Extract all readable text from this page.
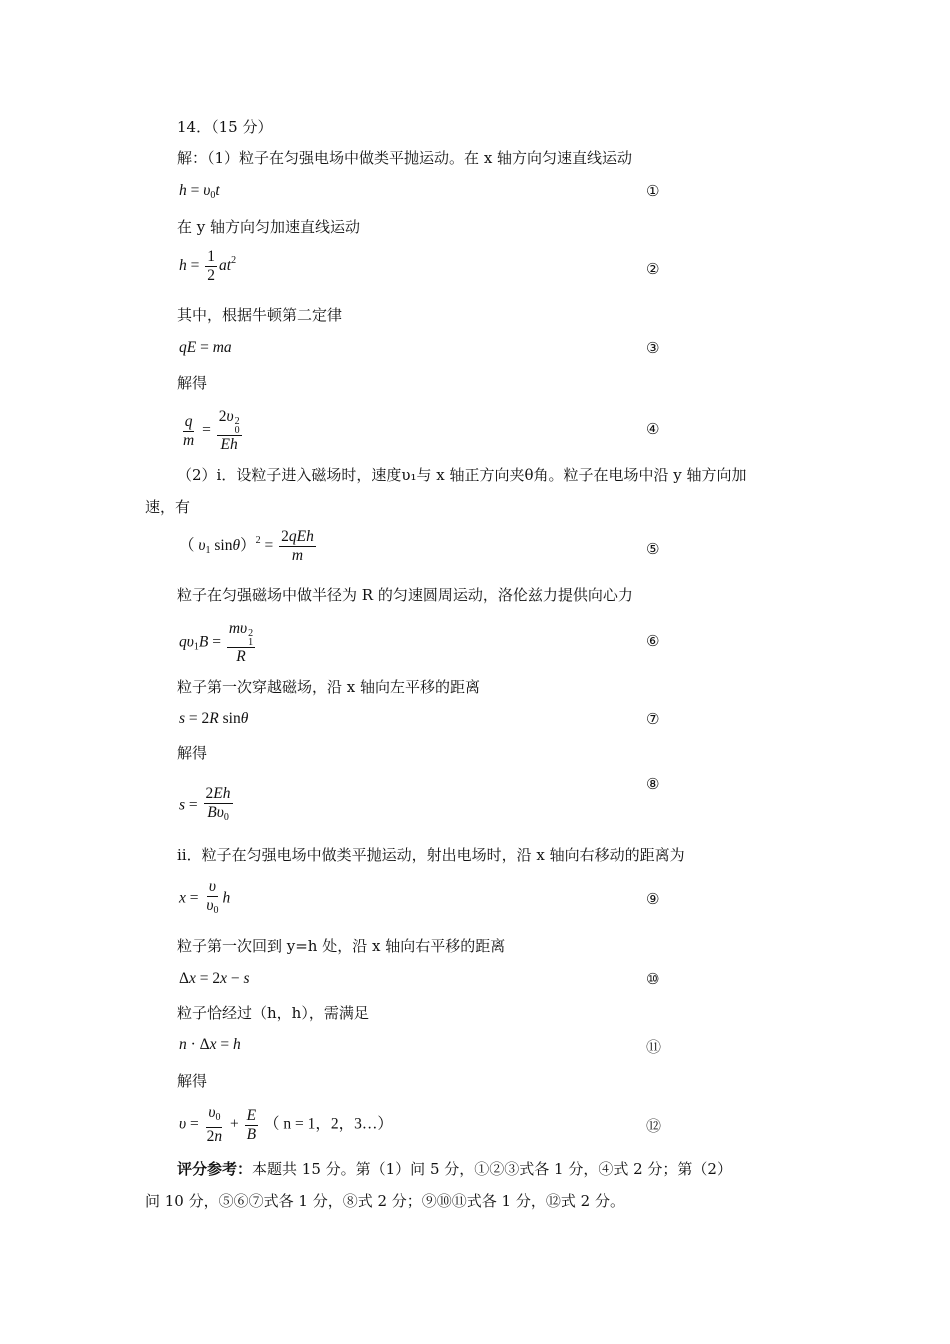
14．（15 分）
解：（1）粒子在匀强电场中做类平抛运动。在 x 轴方向匀速直线运动
$h = \upsilon_0t$	①
在 y 轴方向匀加速直线运动
$h = \frac{1}{2} at^2$	②
其中，根据牛顿第二定律
qE = ma	③
解得
$\frac{q}{m} = 2\upsilon$ 2
0
Eh	④
（2）ⅰ．设粒子进入磁场时，速度υ₁与 x 轴正方向夹θ角。粒子在电场中沿 y 轴方向加
速，有
（ $\upsilon_1$ $\sin\theta)^2 = \frac{\text{2qEh}}{m}$	⑤
粒子在匀强磁场中做半径为 R 的匀速圆周运动，洛伦兹力提供向心力
$q\upsilon_1B = m\upsilon$ 2
1
R	⑥
粒子第一次穿越磁场，沿 x 轴向左平移的距离
s = 2R sinθ	⑦
解得
$s = \frac{2Eh}{B\upsilon_0}$
⑧
ⅱ．粒子在匀强电场中做类平抛运动，射出电场时，沿 x 轴向右移动的距离为
$x = \frac{\upsilon}{\upsilon_0}$ h	⑨
粒子第一次回到 y=h 处，沿 x 轴向右平移的距离
Δx = 2x − s	⑩
粒子恰经过（h，h），需满足
n · Δx = h	⑪
解得
$\upsilon = \frac{\upsilon_0}{2n} + \frac{E}{B}$ （ n = 1，2，3…）	⑫
评分参考：本题共 15 分。第（1）问 5 分，①②③式各 1 分，④式 2 分；第（2）
问 10 分，⑤⑥⑦式各 1 分，⑧式 2 分；⑨⑩⑪式各 1 分，⑫式 2 分。
